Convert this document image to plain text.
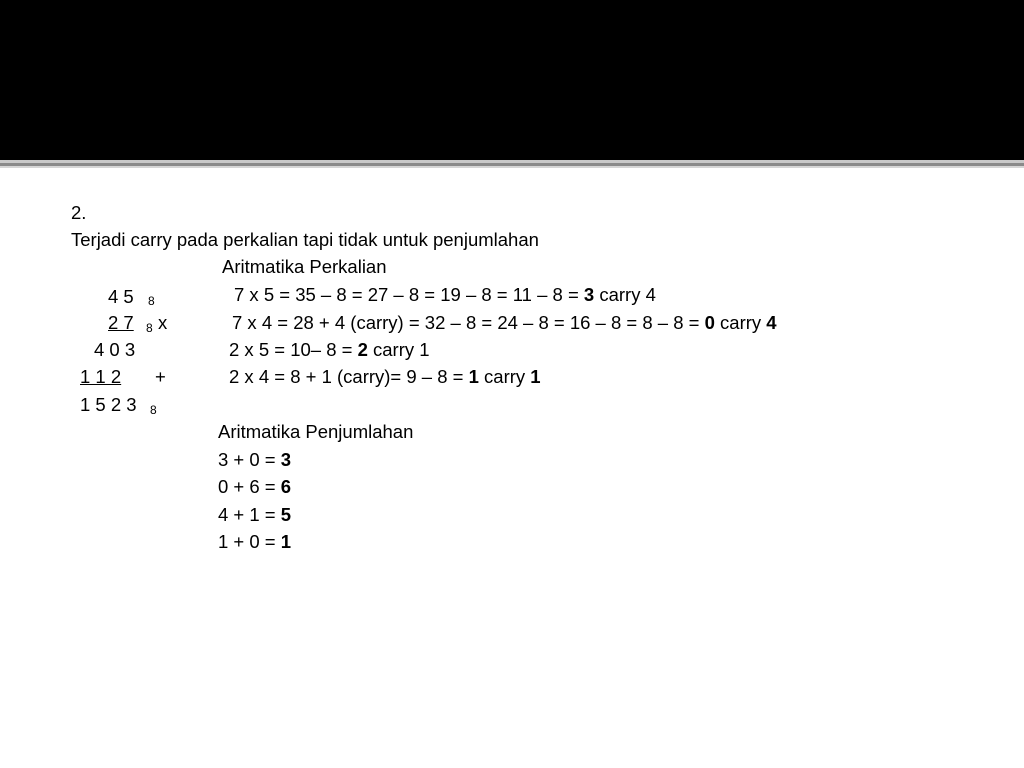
2.
Terjadi carry pada perkalian tapi tidak untuk penjumlahan
Aritmatika Perkalian
4 5 8
2 7	8 x
4 0 3
1 1 2	+
1 5 2 3 8
7 x 5 = 35 – 8 = 27 – 8 = 19 – 8 = 11 – 8 = 3 carry 4
7 x 4 = 28 + 4 (carry) = 32 – 8 = 24 – 8 = 16 – 8 = 8 – 8 = 0 carry 4
2 x 5 = 10– 8 = 2 carry 1
2 x 4 = 8 + 1 (carry)= 9 – 8 = 1 carry 1
Aritmatika Penjumlahan
3 + 0 = 3
0 + 6 = 6
4 + 1 = 5
1 + 0 = 1
